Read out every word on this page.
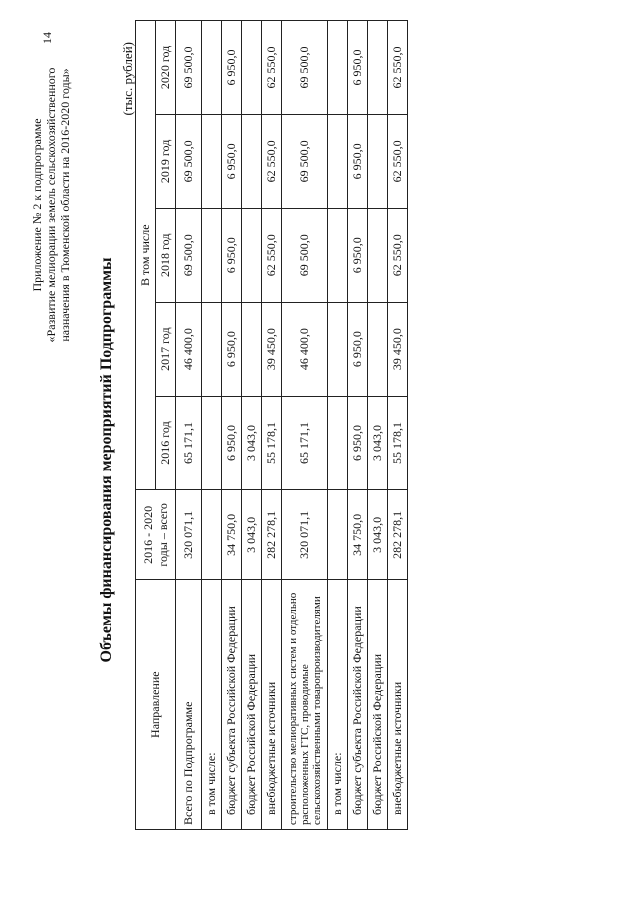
14
Приложение № 2 к подпрограмме «Развитие мелиорации земель сельскохозяйственного назначения в Тюменской области на 2016-2020 годы»
Объемы финансирования мероприятий Подпрограммы
(тыс. рублей)
Направление	2016 - 2020 годы – всего	В том числе				
		2016 год	2017 год	2018 год	2019 год	2020 год
Всего по Подпрограмме	320 071,1	65 171,1	46 400,0	69 500,0	69 500,0	69 500,0
в том числе:						
бюджет субъекта Российской Федерации	34 750,0	6 950,0	6 950,0	6 950,0	6 950,0	6 950,0
бюджет Российской Федерации	3 043,0	3 043,0				
внебюджетные источники	282 278,1	55 178,1	39 450,0	62 550,0	62 550,0	62 550,0
строительство мелиоративных систем и отдельно расположенных ГТС, проводимые сельскохозяйственными товаропроизводителями	320 071,1	65 171,1	46 400,0	69 500,0	69 500,0	69 500,0
в том числе:						
бюджет субъекта Российской Федерации	34 750,0	6 950,0	6 950,0	6 950,0	6 950,0	6 950,0
бюджет Российской Федерации	3 043,0	3 043,0				
внебюджетные источники	282 278,1	55 178,1	39 450,0	62 550,0	62 550,0	62 550,0
